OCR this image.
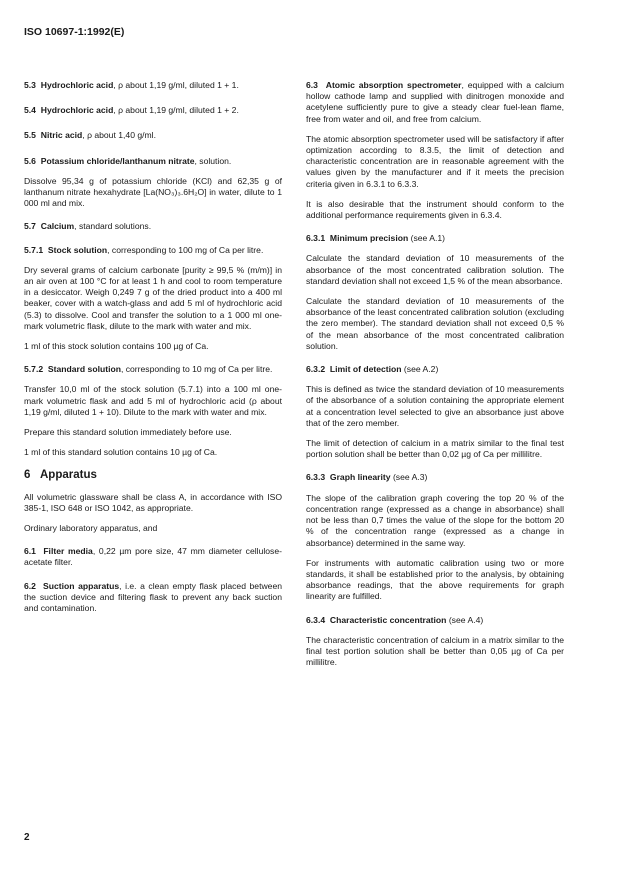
ISO 10697-1:1992(E)

5.3 Hydrochloric acid, ρ about 1,19 g/ml, diluted 1 + 1.

5.4 Hydrochloric acid, ρ about 1,19 g/ml, diluted 1 + 2.

5.5 Nitric acid, ρ about 1,40 g/ml.

5.6 Potassium chloride/lanthanum nitrate, solution.

Dissolve 95,34 g of potassium chloride (KCl) and 62,35 g of lanthanum nitrate hexahydrate [La(NO₃)₃.6H₂O] in water, dilute to 1 000 ml and mix.

5.7 Calcium, standard solutions.

5.7.1 Stock solution, corresponding to 100 mg of Ca per litre.

Dry several grams of calcium carbonate [purity ≥ 99,5 % (m/m)] in an air oven at 100 °C for at least 1 h and cool to room temperature in a desiccator. Weigh 0,249 7 g of the dried product into a 400 ml beaker, cover with a watch-glass and add 5 ml of hydrochloric acid (5.3) to dissolve. Cool and transfer the solution to a 1 000 ml one-mark volumetric flask, dilute to the mark with water and mix.

1 ml of this stock solution contains 100 µg of Ca.

5.7.2 Standard solution, corresponding to 10 mg of Ca per litre.

Transfer 10,0 ml of the stock solution (5.7.1) into a 100 ml one-mark volumetric flask and add 5 ml of hydrochloric acid (ρ about 1,19 g/ml, diluted 1 + 10). Dilute to the mark with water and mix.

Prepare this standard solution immediately before use.

1 ml of this standard solution contains 10 µg of Ca.

6 Apparatus

All volumetric glassware shall be class A, in accordance with ISO 385-1, ISO 648 or ISO 1042, as appropriate.

Ordinary laboratory apparatus, and

6.1 Filter media, 0,22 µm pore size, 47 mm diameter cellulose-acetate filter.

6.2 Suction apparatus, i.e. a clean empty flask placed between the suction device and filtering flask to prevent any back suction and contamination.

6.3 Atomic absorption spectrometer, equipped with a calcium hollow cathode lamp and supplied with dinitrogen monoxide and acetylene sufficiently pure to give a steady clear fuel-lean flame, free from water and oil, and free from calcium.

The atomic absorption spectrometer used will be satisfactory if after optimization according to 8.3.5, the limit of detection and characteristic concentration are in reasonable agreement with the values given by the manufacturer and if it meets the precision criteria given in 6.3.1 to 6.3.3.

It is also desirable that the instrument should conform to the additional performance requirements given in 6.3.4.

6.3.1 Minimum precision (see A.1)

Calculate the standard deviation of 10 measurements of the absorbance of the most concentrated calibration solution. The standard deviation shall not exceed 1,5 % of the mean absorbance.

Calculate the standard deviation of 10 measurements of the absorbance of the least concentrated calibration solution (excluding the zero member). The standard deviation shall not exceed 0,5 % of the mean absorbance of the most concentrated calibration solution.

6.3.2 Limit of detection (see A.2)

This is defined as twice the standard deviation of 10 measurements of the absorbance of a solution containing the appropriate element at a concentration level selected to give an absorbance just above that of the zero member.

The limit of detection of calcium in a matrix similar to the final test portion solution shall be better than 0,02 µg of Ca per millilitre.

6.3.3 Graph linearity (see A.3)

The slope of the calibration graph covering the top 20 % of the concentration range (expressed as a change in absorbance) shall not be less than 0,7 times the value of the slope for the bottom 20 % of the concentration range (expressed as a change in absorbance) determined in the same way.

For instruments with automatic calibration using two or more standards, it shall be established prior to the analysis, by obtaining absorbance readings, that the above requirements for graph linearity are fulfilled.

6.3.4 Characteristic concentration (see A.4)

The characteristic concentration of calcium in a matrix similar to the final test portion solution shall be better than 0,05 µg of Ca per millilitre.

2
